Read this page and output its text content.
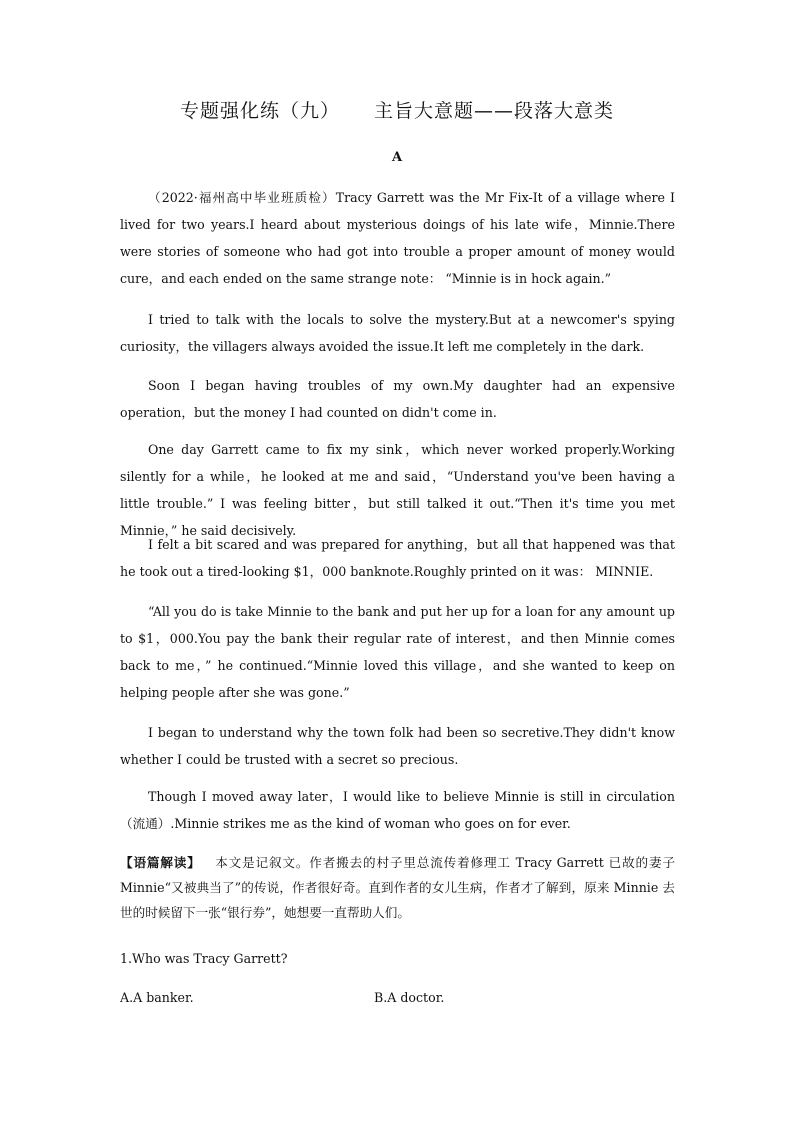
专题强化练（九） 主旨大意题——段落大意类
A

（2022·福州高中毕业班质检）Tracy Garrett was the Mr Fix-It of a village where I lived for two years.I heard about mysterious doings of his late wife，Minnie.There were stories of someone who had got into trouble a proper amount of money would cure，and each ended on the same strange note： “Minnie is in hock again.”

I tried to talk with the locals to solve the mystery.But at a newcomer's spying curiosity，the villagers always avoided the issue.It left me completely in the dark.

Soon I began having troubles of my own.My daughter had an expensive operation，but the money I had counted on didn't come in.

One day Garrett came to fix my sink，which never worked properly.Working silently for a while，he looked at me and said，“Understand you've been having a little trouble.” I was feeling bitter，but still talked it out.“Then it's time you met Minnie，” he said decisively.

I felt a bit scared and was prepared for anything，but all that happened was that he took out a tired-looking $1，000 banknote.Roughly printed on it was： MINNIE.

“All you do is take Minnie to the bank and put her up for a loan for any amount up to $1，000.You pay the bank their regular rate of interest，and then Minnie comes back to me，” he continued.“Minnie loved this village，and she wanted to keep on helping people after she was gone.”

I began to understand why the town folk had been so secretive.They didn't know whether I could be trusted with a secret so precious.

Though I moved away later，I would like to believe Minnie is still in circulation（流通）.Minnie strikes me as the kind of woman who goes on for ever.

【语篇解读】 本文是记叙文。作者搬去的村子里总流传着修理工 Tracy Garrett 已故的妻子 Minnie“又被典当了”的传说，作者很好奇。直到作者的女儿生病，作者才了解到，原来 Minnie 去世的时候留下一张“银行券”，她想要一直帮助人们。

1.Who was Tracy Garrett?

A.A banker.	B.A doctor.
